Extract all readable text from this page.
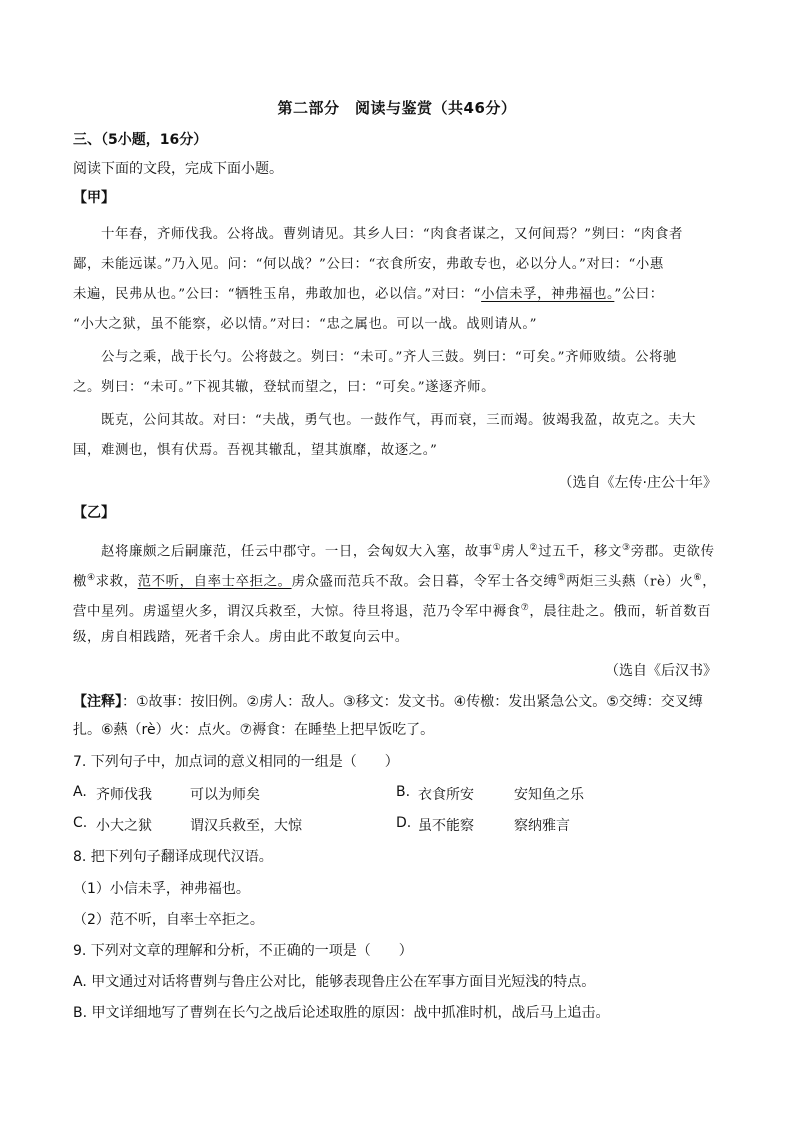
第二部分　阅读与鉴赏（共46分）
三、（5小题，16分）
阅读下面的文段，完成下面小题。
【甲】
十年春，齐师伐我。公将战。曹刿请见。其乡人曰：“肉食者谋之，又何间焉？”刿曰：“肉食者
鄙，未能远谋。”乃入见。问：“何以战？”公曰：“衣食所安，弗敢专也，必以分人。”对曰：“小惠
未遍，民弗从也。”公曰：“牺牲玉帛，弗敢加也，必以信。”对曰：“小信未孚，神弗福也。”公曰：
“小大之狱，虽不能察，必以情。”对曰：“忠之属也。可以一战。战则请从。”
公与之乘，战于长勺。公将鼓之。刿曰：“未可。”齐人三鼓。刿曰：“可矣。”齐师败绩。公将驰
之。刿曰：“未可。”下视其辙，登轼而望之，曰：“可矣。”遂逐齐师。
既克，公问其故。对曰：“夫战，勇气也。一鼓作气，再而衰，三而竭。彼竭我盈，故克之。夫大
国，难测也，惧有伏焉。吾视其辙乱，望其旗靡，故逐之。”
（选自《左传·庄公十年》
【乙】
赵将廉颇之后嗣廉范，任云中郡守。一日，会匈奴大入塞，故事①虏人②过五千，移文③旁郡。吏欲传
檄④求救，范不听，自率士卒拒之。虏众盛而范兵不敌。会日暮，令军士各交缚⑤两炬三头爇（rè）火⑥，
营中星列。虏遥望火多，谓汉兵救至，大惊。待旦将退，范乃令军中褥食⑦，晨往赴之。俄而，斩首数百
级，虏自相践踏，死者千余人。虏由此不敢复向云中。
（选自《后汉书》
【注释】：①故事：按旧例。②虏人：敌人。③移文：发文书。④传檄：发出紧急公文。⑤交缚：交叉缚
扎。⑥爇（rè）火：点火。⑦褥食：在睡垫上把早饭吃了。
7. 下列句子中，加点词的意义相同的一组是（　　）
A. 齐师伐我	可以为师矣	B. 衣食所安	安知鱼之乐
C. 小大之狱	谓汉兵救至，大惊	D. 虽不能察	察纳雅言
8. 把下列句子翻译成现代汉语。
（1）小信未孚，神弗福也。
（2）范不听，自率士卒拒之。
9. 下列对文章的理解和分析，不正确的一项是（　　）
A. 甲文通过对话将曹刿与鲁庄公对比，能够表现鲁庄公在军事方面目光短浅的特点。
B. 甲文详细地写了曹刿在长勺之战后论述取胜的原因：战中抓准时机，战后马上追击。
